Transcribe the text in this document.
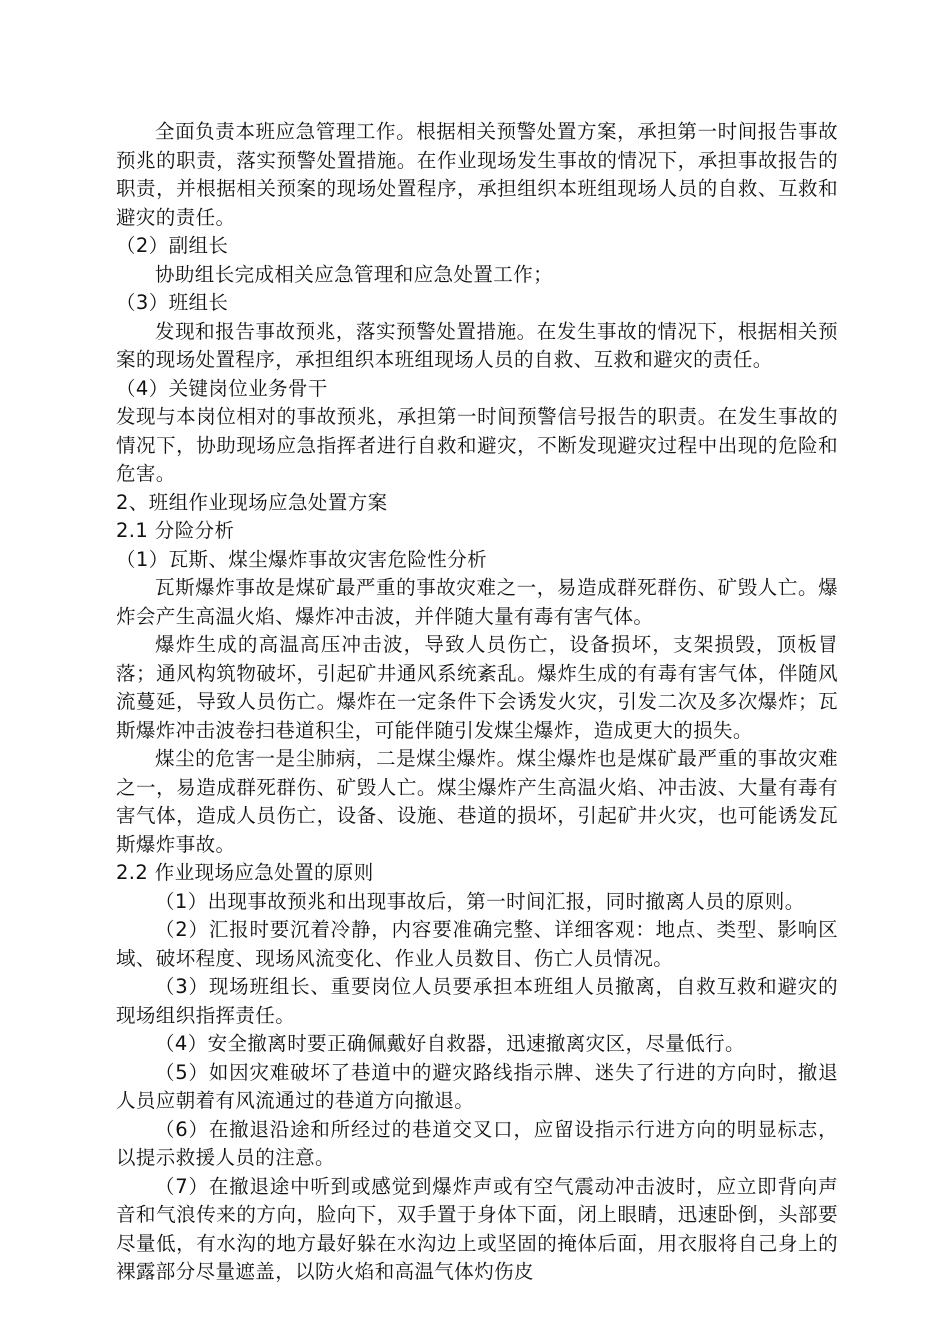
全面负责本班应急管理工作。根据相关预警处置方案，承担第一时间报告事故预兆的职责，落实预警处置措施。在作业现场发生事故的情况下，承担事故报告的职责，并根据相关预案的现场处置程序，承担组织本班组现场人员的自救、互救和避灾的责任。

（2）副组长

协助组长完成相关应急管理和应急处置工作；

（3）班组长

发现和报告事故预兆，落实预警处置措施。在发生事故的情况下，根据相关预案的现场处置程序，承担组织本班组现场人员的自救、互救和避灾的责任。

（4）关键岗位业务骨干

发现与本岗位相对的事故预兆，承担第一时间预警信号报告的职责。在发生事故的情况下，协助现场应急指挥者进行自救和避灾，不断发现避灾过程中出现的危险和危害。

2、班组作业现场应急处置方案

2.1 分险分析

（1）瓦斯、煤尘爆炸事故灾害危险性分析

瓦斯爆炸事故是煤矿最严重的事故灾难之一，易造成群死群伤、矿毁人亡。爆炸会产生高温火焰、爆炸冲击波，并伴随大量有毒有害气体。

爆炸生成的高温高压冲击波，导致人员伤亡，设备损坏，支架损毁，顶板冒落；通风构筑物破坏，引起矿井通风系统紊乱。爆炸生成的有毒有害气体，伴随风流蔓延，导致人员伤亡。爆炸在一定条件下会诱发火灾，引发二次及多次爆炸；瓦斯爆炸冲击波卷扫巷道积尘，可能伴随引发煤尘爆炸，造成更大的损失。

煤尘的危害一是尘肺病，二是煤尘爆炸。煤尘爆炸也是煤矿最严重的事故灾难之一，易造成群死群伤、矿毁人亡。煤尘爆炸产生高温火焰、冲击波、大量有毒有害气体，造成人员伤亡，设备、设施、巷道的损坏，引起矿井火灾，也可能诱发瓦斯爆炸事故。

2.2 作业现场应急处置的原则

（1）出现事故预兆和出现事故后，第一时间汇报，同时撤离人员的原则。

（2）汇报时要沉着冷静，内容要准确完整、详细客观：地点、类型、影响区域、破坏程度、现场风流变化、作业人员数目、伤亡人员情况。

（3）现场班组长、重要岗位人员要承担本班组人员撤离，自救互救和避灾的现场组织指挥责任。

（4）安全撤离时要正确佩戴好自救器，迅速撤离灾区，尽量低行。

（5）如因灾难破坏了巷道中的避灾路线指示牌、迷失了行进的方向时，撤退人员应朝着有风流通过的巷道方向撤退。

（6）在撤退沿途和所经过的巷道交叉口，应留设指示行进方向的明显标志，以提示救援人员的注意。

（7）在撤退途中听到或感觉到爆炸声或有空气震动冲击波时，应立即背向声音和气浪传来的方向，脸向下，双手置于身体下面，闭上眼睛，迅速卧倒，头部要尽量低，有水沟的地方最好躲在水沟边上或坚固的掩体后面，用衣服将自己身上的裸露部分尽量遮盖，以防火焰和高温气体灼伤皮
